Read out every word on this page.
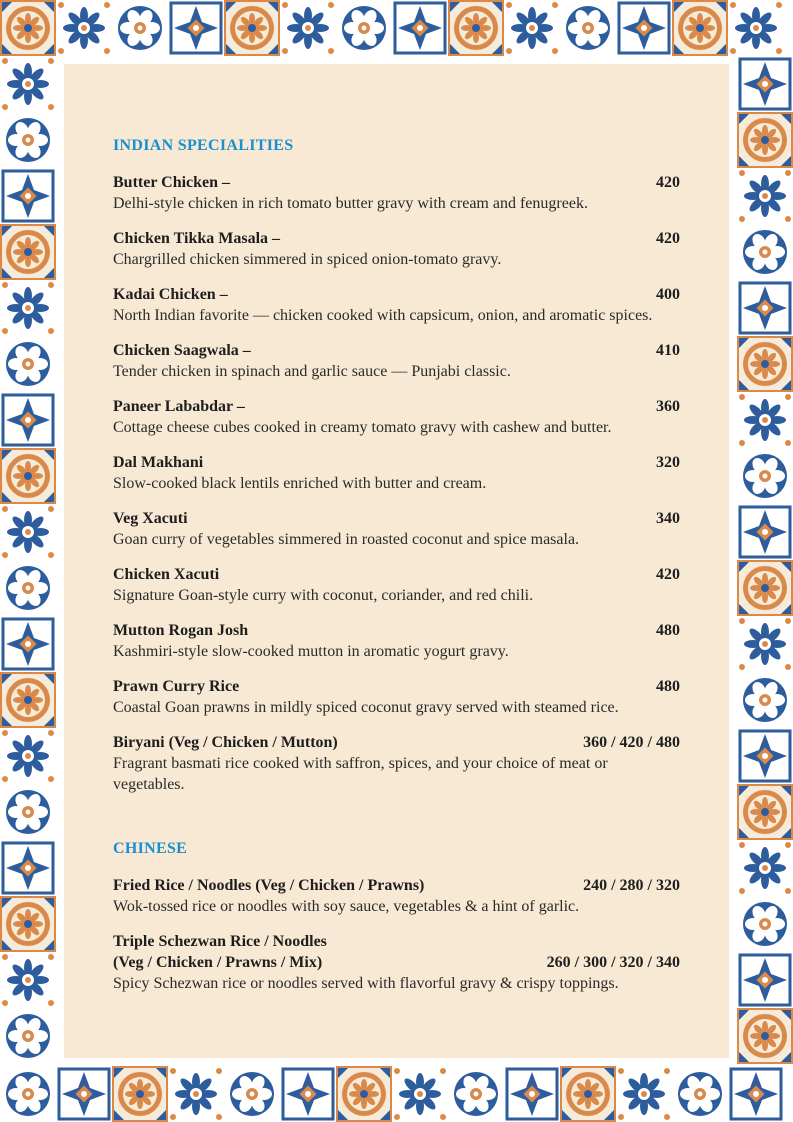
INDIAN SPECIALITIES
Butter Chicken –	420
Delhi-style chicken in rich tomato butter gravy with cream and fenugreek.
Chicken Tikka Masala –	420
Chargrilled chicken simmered in spiced onion-tomato gravy.
Kadai Chicken –	400
North Indian favorite — chicken cooked with capsicum, onion, and aromatic spices.
Chicken Saagwala –	410
Tender chicken in spinach and garlic sauce — Punjabi classic.
Paneer Lababdar –	360
Cottage cheese cubes cooked in creamy tomato gravy with cashew and butter.
Dal Makhani	320
Slow-cooked black lentils enriched with butter and cream.
Veg Xacuti	340
Goan curry of vegetables simmered in roasted coconut and spice masala.
Chicken Xacuti	420
Signature Goan-style curry with coconut, coriander, and red chili.
Mutton Rogan Josh	480
Kashmiri-style slow-cooked mutton in aromatic yogurt gravy.
Prawn Curry Rice	480
Coastal Goan prawns in mildly spiced coconut gravy served with steamed rice.
Biryani (Veg / Chicken / Mutton)	360 / 420 / 480
Fragrant basmati rice cooked with saffron, spices, and your choice of meat or vegetables.
CHINESE
Fried Rice / Noodles (Veg / Chicken / Prawns)	240 / 280 / 320
Wok-tossed rice or noodles with soy sauce, vegetables & a hint of garlic.
Triple Schezwan Rice / Noodles
(Veg / Chicken / Prawns / Mix)	260 / 300 / 320 / 340
Spicy Schezwan rice or noodles served with flavorful gravy & crispy toppings.
